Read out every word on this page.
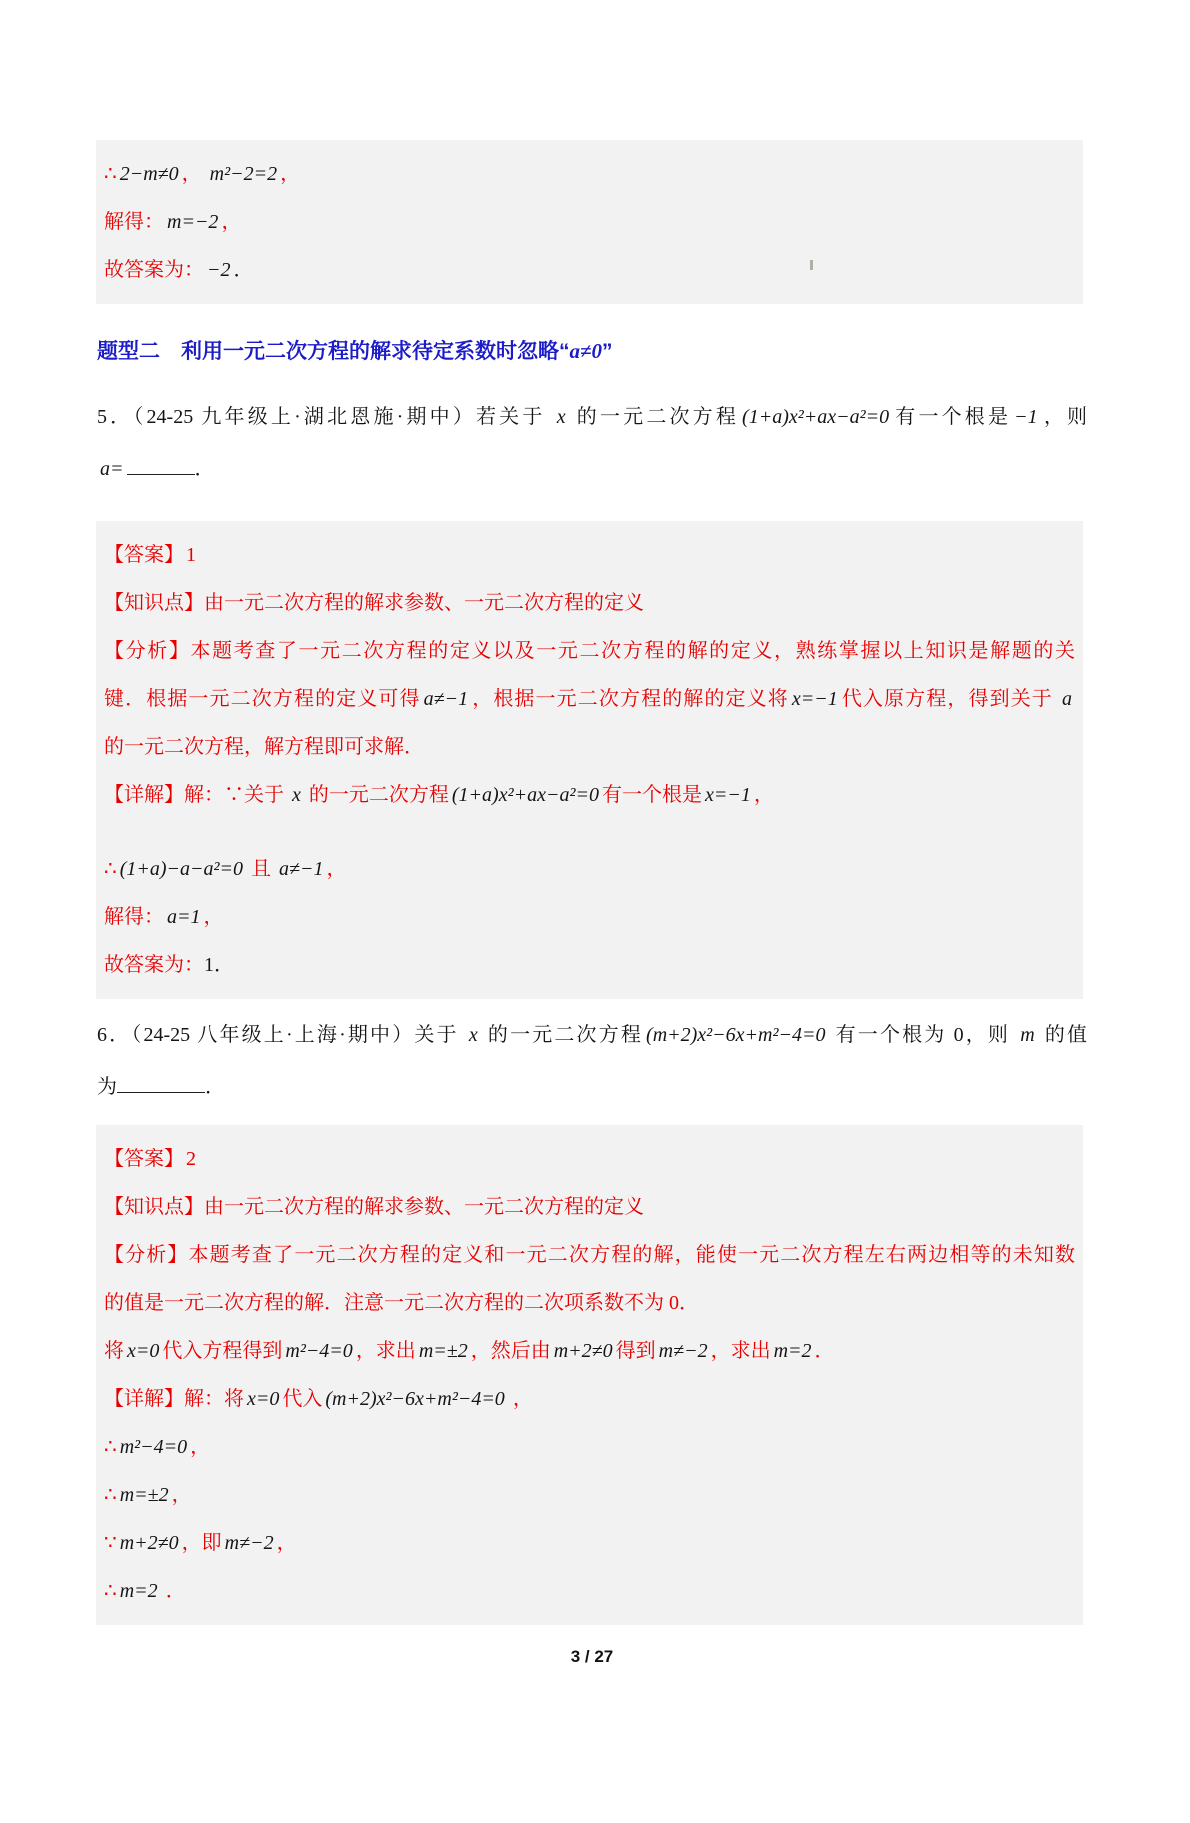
∴ 2−m≠0 ， m²−2=2 ，
解得： m=−2 ，
故答案为： −2 ．
题型二　利用一元二次方程的解求待定系数时忽略“a≠0”
5．（24-25 九年级上·湖北恩施·期中）若关于 x 的一元二次方程 (1+a)x²+ax−a²=0 有一个根是 −1 ，则
a=	．
【答案】 1
【知识点】由一元二次方程的解求参数、一元二次方程的定义
【分析】本题考查了一元二次方程的定义以及一元二次方程的解的定义，熟练掌握以上知识是解题的关
键．根据一元二次方程的定义可得 a≠−1 ，根据一元二次方程的解的定义将 x=−1 代入原方程，得到关于 a
的一元二次方程，解方程即可求解．
【详解】解：∵关于 x 的一元二次方程 (1+a)x²+ax−a²=0 有一个根是 x=−1 ，
∴ (1+a)−a−a²=0 且 a≠−1 ，
解得： a=1 ，
故答案为：1．
6．（24-25 八年级上·上海·期中）关于 x 的一元二次方程 (m+2)x²−6x+m²−4=0 有一个根为 0，则 m 的值
为	．
【答案】 2
【知识点】由一元二次方程的解求参数、一元二次方程的定义
【分析】本题考查了一元二次方程的定义和一元二次方程的解，能使一元二次方程左右两边相等的未知数
的值是一元二次方程的解．注意一元二次方程的二次项系数不为 0．
将 x=0 代入方程得到 m²−4=0 ，求出 m=±2 ，然后由 m+2≠0 得到 m≠−2 ，求出 m=2 ．
【详解】解：将 x=0 代入 (m+2)x²−6x+m²−4=0 ，
∴ m²−4=0 ，
∴ m=±2 ，
∵ m+2≠0 ，即 m≠−2 ，
∴ m=2 ．
3 / 27
